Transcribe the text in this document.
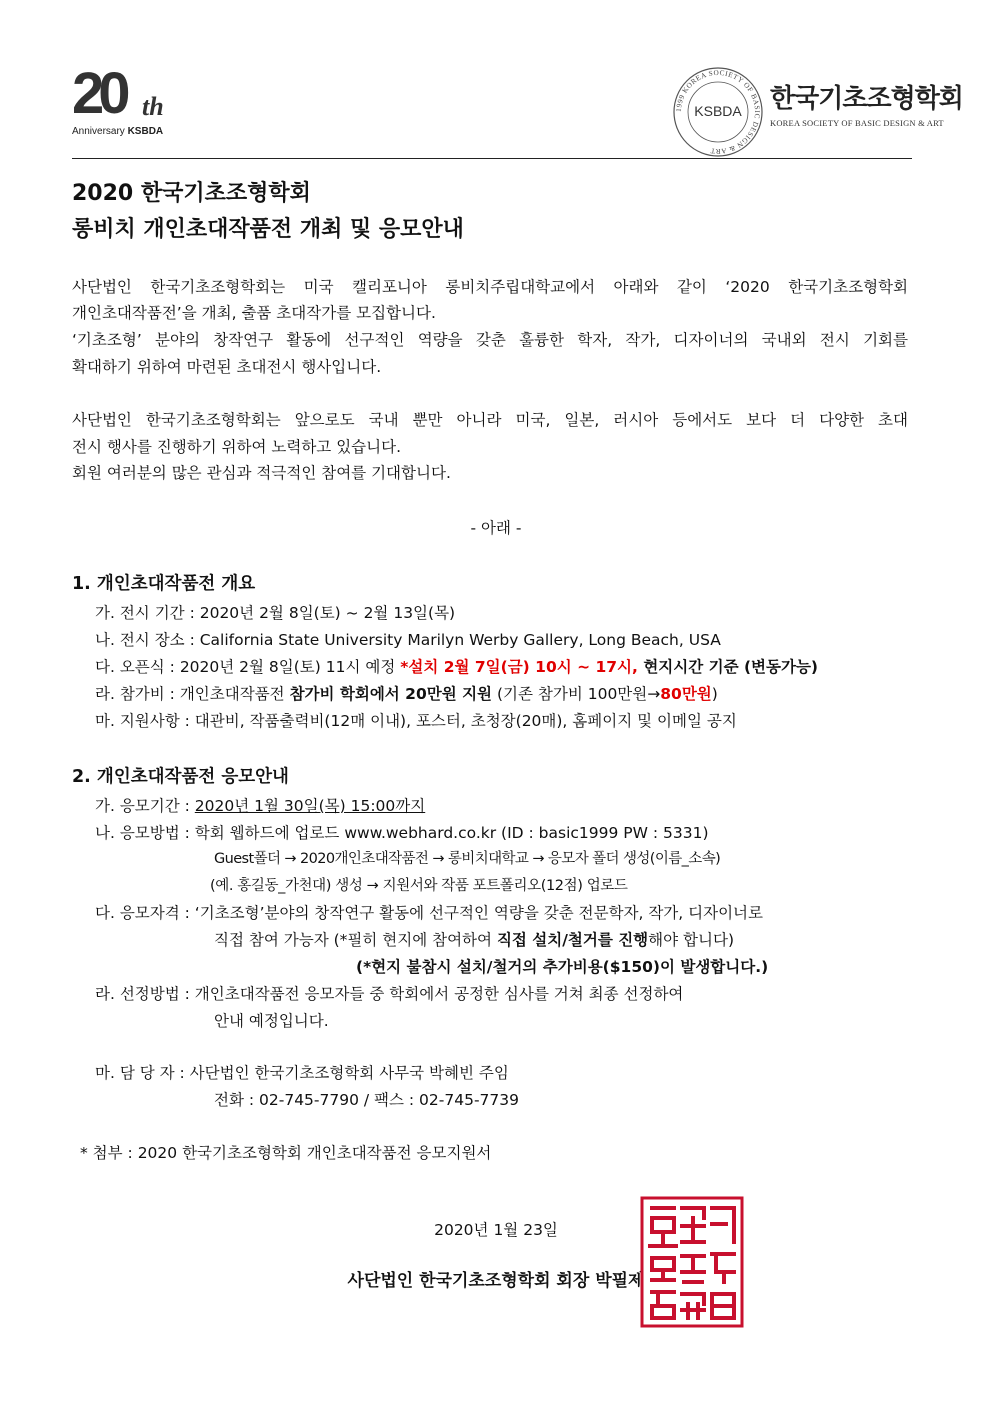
20 th
Anniversary KSBDA
1999 KOREA SOCIETY OF BASIC DESIGN & ART
KSBDA 한국기초조형학회
KOREA SOCIETY OF BASIC DESIGN & ART
2020 한국기초조형학회
롱비치 개인초대작품전 개최 및 응모안내
사단법인 한국기초조형학회는 미국 캘리포니아 롱비치주립대학교에서 아래와 같이 ‘2020 한국기초조형학회
개인초대작품전’을 개최, 출품 초대작가를 모집합니다.
‘기초조형’ 분야의 창작연구 활동에 선구적인 역량을 갖춘 훌륭한 학자, 작가, 디자이너의 국내외 전시 기회를
확대하기 위하여 마련된 초대전시 행사입니다.
사단법인 한국기초조형학회는 앞으로도 국내 뿐만 아니라 미국, 일본, 러시아 등에서도 보다 더 다양한 초대
전시 행사를 진행하기 위하여 노력하고 있습니다.
회원 여러분의 많은 관심과 적극적인 참여를 기대합니다.
- 아래 -
1. 개인초대작품전 개요
가. 전시 기간 : 2020년 2월 8일(토) ~ 2월 13일(목)
나. 전시 장소 : California State University Marilyn Werby Gallery, Long Beach, USA
다. 오픈식 : 2020년 2월 8일(토) 11시 예정 *설치 2월 7일(금) 10시 ~ 17시, 현지시간 기준 (변동가능)
라. 참가비 : 개인초대작품전 참가비 학회에서 20만원 지원 (기존 참가비 100만원→80만원)
마. 지원사항 : 대관비, 작품출력비(12매 이내), 포스터, 초청장(20매), 홈페이지 및 이메일 공지
2. 개인초대작품전 응모안내
가. 응모기간 : 2020년 1월 30일(목) 15:00까지
나. 응모방법 : 학회 웹하드에 업로드 www.webhard.co.kr (ID : basic1999 PW : 5331)
Guest폴더 → 2020개인초대작품전 → 롱비치대학교 → 응모자 폴더 생성(이름_소속)
(예. 홍길동_가천대) 생성 → 지원서와 작품 포트폴리오(12점) 업로드
다. 응모자격 : ‘기초조형’분야의 창작연구 활동에 선구적인 역량을 갖춘 전문학자, 작가, 디자이너로
직접 참여 가능자 (*필히 현지에 참여하여 직접 설치/철거를 진행해야 합니다)
(*현지 불참시 설치/철거의 추가비용($150)이 발생합니다.)
라. 선정방법 : 개인초대작품전 응모자들 중 학회에서 공정한 심사를 거쳐 최종 선정하여
안내 예정입니다.
마. 담 당 자 : 사단법인 한국기초조형학회 사무국 박혜빈 주임
전화 : 02-745-7790 / 팩스 : 02-745-7739
* 첨부 : 2020 한국기초조형학회 개인초대작품전 응모지원서
2020년 1월 23일
사단법인 한국기초조형학회 회장 박필제
